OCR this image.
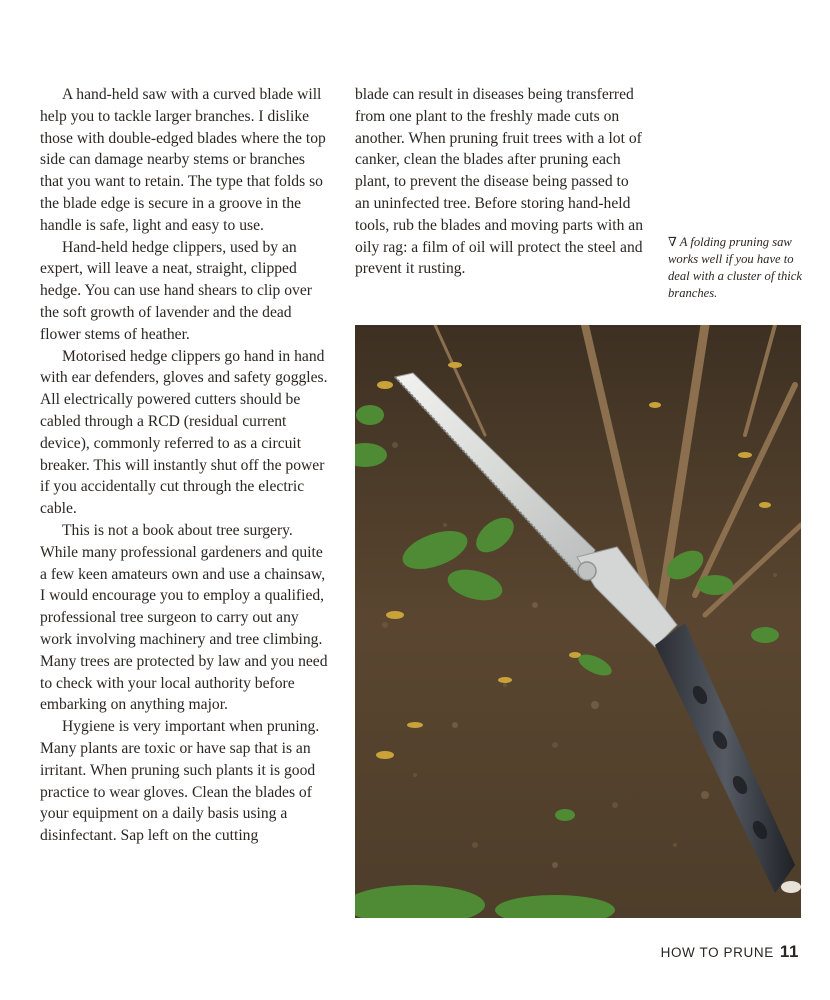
A hand-held saw with a curved blade will help you to tackle larger branches. I dislike those with double-edged blades where the top side can damage nearby stems or branches that you want to retain. The type that folds so the blade edge is secure in a groove in the handle is safe, light and easy to use.

Hand-held hedge clippers, used by an expert, will leave a neat, straight, clipped hedge. You can use hand shears to clip over the soft growth of lavender and the dead flower stems of heather.

Motorised hedge clippers go hand in hand with ear defenders, gloves and safety goggles. All electrically powered cutters should be cabled through a RCD (residual current device), commonly referred to as a circuit breaker. This will instantly shut off the power if you accidentally cut through the electric cable.

This is not a book about tree surgery. While many professional gardeners and quite a few keen amateurs own and use a chainsaw, I would encourage you to employ a qualified, professional tree surgeon to carry out any work involving machinery and tree climbing. Many trees are protected by law and you need to check with your local authority before embarking on anything major.

Hygiene is very important when pruning. Many plants are toxic or have sap that is an irritant. When pruning such plants it is good practice to wear gloves. Clean the blades of your equipment on a daily basis using a disinfectant. Sap left on the cutting

blade can result in diseases being transferred from one plant to the freshly made cuts on another. When pruning fruit trees with a lot of canker, clean the blades after pruning each plant, to prevent the disease being passed to an uninfected tree. Before storing hand-held tools, rub the blades and moving parts with an oily rag: a film of oil will protect the steel and prevent it rusting.

∇ A folding pruning saw works well if you have to deal with a cluster of thick branches.
HOW TO PRUNE 11
